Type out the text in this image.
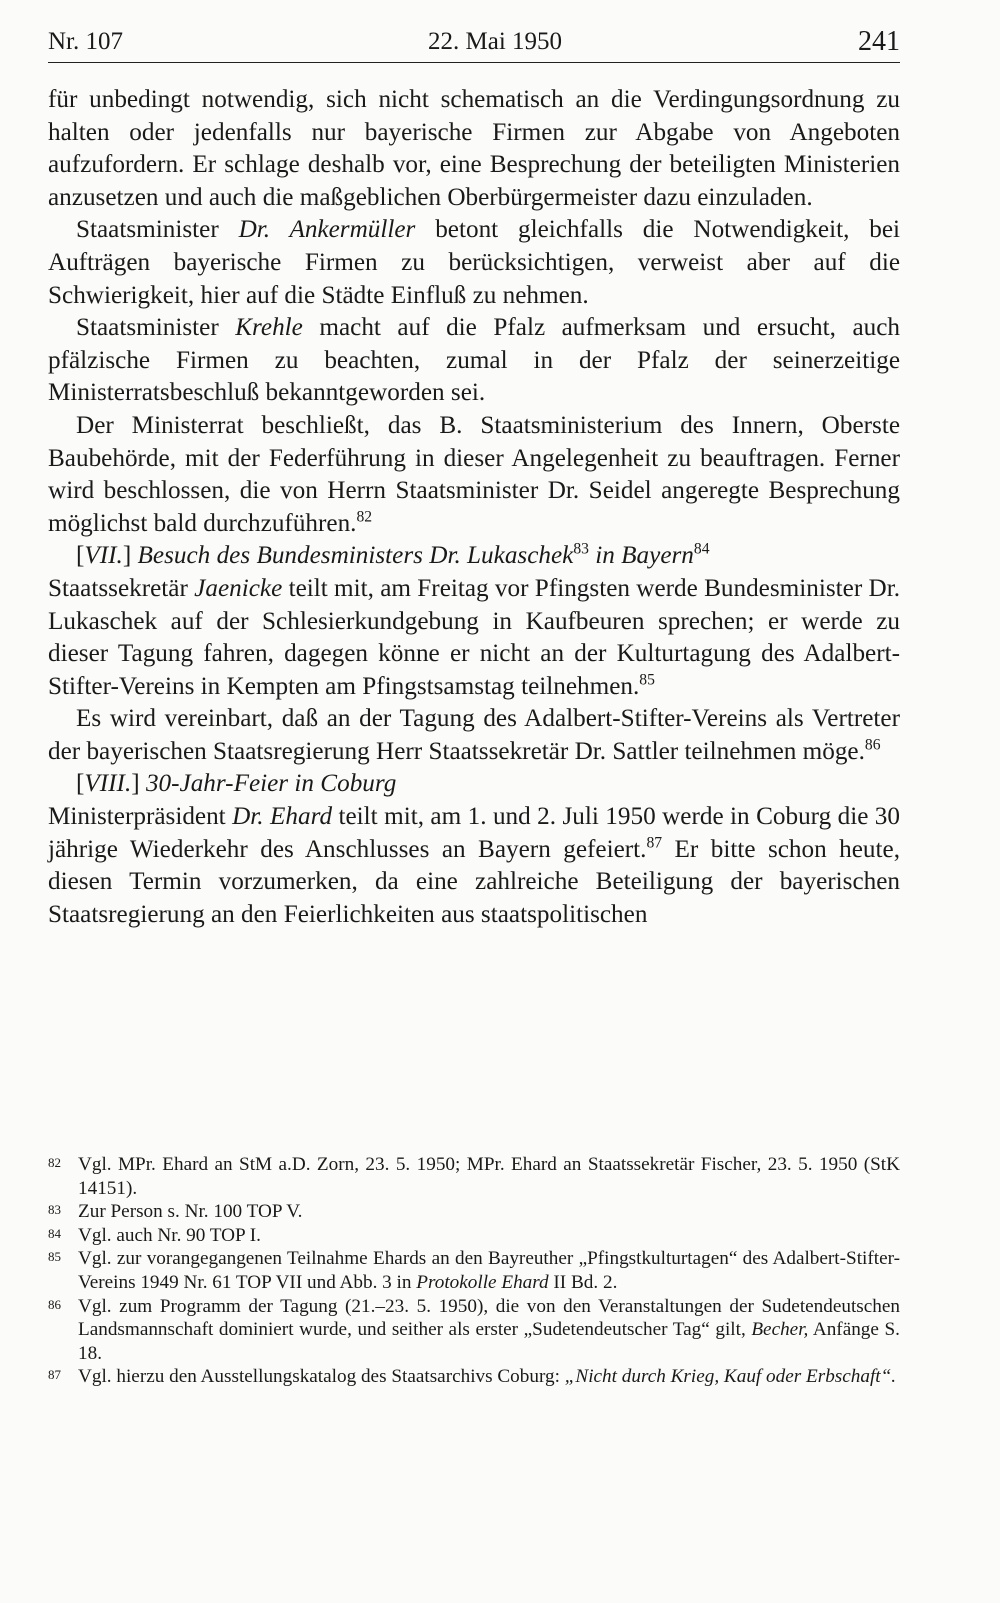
Nr. 107	22. Mai 1950	241

für unbedingt notwendig, sich nicht schematisch an die Verdingungsordnung zu halten oder jedenfalls nur bayerische Firmen zur Abgabe von Angeboten aufzufordern. Er schlage deshalb vor, eine Besprechung der beteiligten Ministerien anzusetzen und auch die maßgeblichen Oberbürgermeister dazu einzuladen.

Staatsminister Dr. Ankermüller betont gleichfalls die Notwendigkeit, bei Aufträgen bayerische Firmen zu berücksichtigen, verweist aber auf die Schwierigkeit, hier auf die Städte Einfluß zu nehmen.

Staatsminister Krehle macht auf die Pfalz aufmerksam und ersucht, auch pfälzische Firmen zu beachten, zumal in der Pfalz der seinerzeitige Ministerratsbeschluß bekanntgeworden sei.

Der Ministerrat beschließt, das B. Staatsministerium des Innern, Oberste Baubehörde, mit der Federführung in dieser Angelegenheit zu beauftragen. Ferner wird beschlossen, die von Herrn Staatsminister Dr. Seidel angeregte Besprechung möglichst bald durchzuführen.$^{82}$

[VII.] Besuch des Bundesministers Dr. Lukaschek$^{83}$ in Bayern$^{84}$

Staatssekretär Jaenicke teilt mit, am Freitag vor Pfingsten werde Bundesminister Dr. Lukaschek auf der Schlesierkundgebung in Kaufbeuren sprechen; er werde zu dieser Tagung fahren, dagegen könne er nicht an der Kulturtagung des Adalbert-Stifter-Vereins in Kempten am Pfingstsamstag teilnehmen.$^{85}$

Es wird vereinbart, daß an der Tagung des Adalbert-Stifter-Vereins als Vertreter der bayerischen Staatsregierung Herr Staatssekretär Dr. Sattler teilnehmen möge.$^{86}$

[VIII.] 30-Jahr-Feier in Coburg

Ministerpräsident Dr. Ehard teilt mit, am 1. und 2. Juli 1950 werde in Coburg die 30 jährige Wiederkehr des Anschlusses an Bayern gefeiert.$^{87}$ Er bitte schon heute, diesen Termin vorzumerken, da eine zahlreiche Beteiligung der bayerischen Staatsregierung an den Feierlichkeiten aus staatspolitischen

82 Vgl. MPr. Ehard an StM a.D. Zorn, 23. 5. 1950; MPr. Ehard an Staatssekretär Fischer, 23. 5. 1950 (StK 14151).

83 Zur Person s. Nr. 100 TOP V.

84 Vgl. auch Nr. 90 TOP I.

85 Vgl. zur vorangegangenen Teilnahme Ehards an den Bayreuther „Pfingstkulturtagen“ des Adalbert-Stifter-Vereins 1949 Nr. 61 TOP VII und Abb. 3 in Protokolle Ehard II Bd. 2.

86 Vgl. zum Programm der Tagung (21.–23. 5. 1950), die von den Veranstaltungen der Sudetendeutschen Landsmannschaft dominiert wurde, und seither als erster „Sudetendeutscher Tag“ gilt, Becher, Anfänge S. 18.

87 Vgl. hierzu den Ausstellungskatalog des Staatsarchivs Coburg: „Nicht durch Krieg, Kauf oder Erbschaft“.
